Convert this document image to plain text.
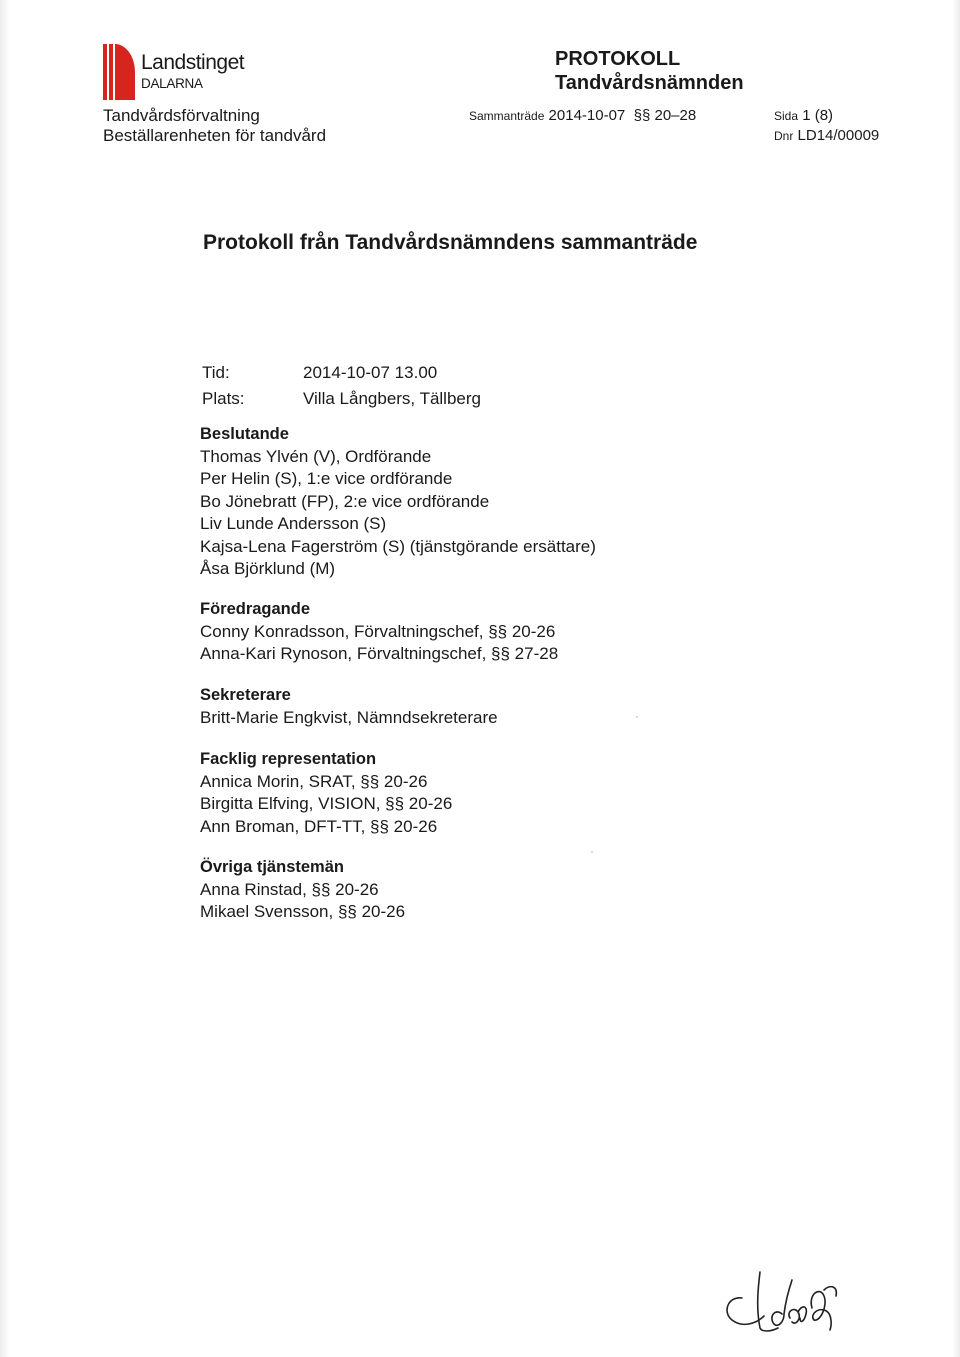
Landstinget
DALARNA
Tandvårdsförvaltning
Beställarenheten för tandvård
PROTOKOLL
Tandvårdsnämnden
Sammanträde 2014-10-07 §§ 20–28	Sida 1 (8)
Dnr LD14/00009
Protokoll från Tandvårdsnämndens sammanträde
Tid:	2014-10-07 13.00
Plats:	Villa Långbers, Tällberg
Beslutande
Thomas Ylvén (V), Ordförande
Per Helin (S), 1:e vice ordförande
Bo Jönebratt (FP), 2:e vice ordförande
Liv Lunde Andersson (S)
Kajsa-Lena Fagerström (S) (tjänstgörande ersättare)
Åsa Björklund (M)
Föredragande
Conny Konradsson, Förvaltningschef, §§ 20-26
Anna-Kari Rynoson, Förvaltningschef, §§ 27-28
Sekreterare
Britt-Marie Engkvist, Nämndsekreterare
Facklig representation
Annica Morin, SRAT, §§ 20-26
Birgitta Elfving, VISION, §§ 20-26
Ann Broman, DFT-TT, §§ 20-26
Övriga tjänstemän
Anna Rinstad, §§ 20-26
Mikael Svensson, §§ 20-26
